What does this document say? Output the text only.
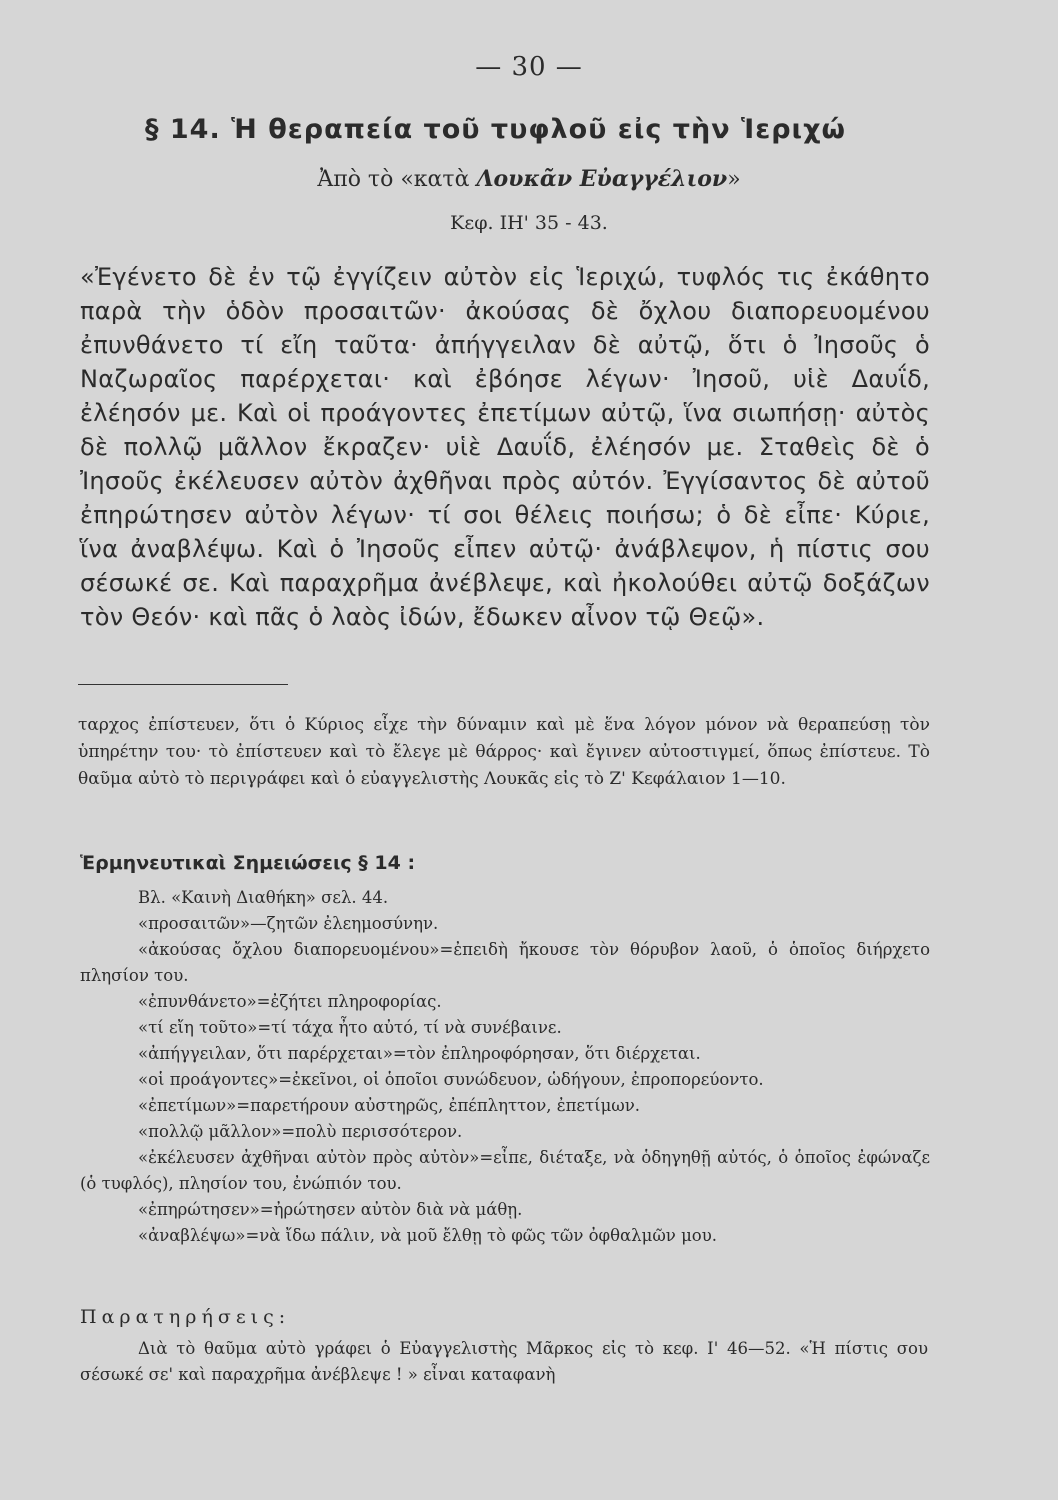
— 30 —
§ 14. Ἡ θεραπεία τοῦ τυφλοῦ εἰς τὴν Ἱεριχώ
Ἀπὸ τὸ «κατὰ Λουκᾶν Εὐαγγέλιον»
Κεφ. ΙΗ' 35 - 43.

«Ἐγένετο δὲ ἐν τῷ ἐγγίζειν αὐτὸν εἰς Ἱεριχώ, τυφλός τις ἐκάθητο παρὰ τὴν ὁδὸν προσαιτῶν· ἀκούσας δὲ ὄχλου διαπορευομένου ἐπυνθάνετο τί εἴη ταῦτα· ἀπήγγειλαν δὲ αὐτῷ, ὅτι ὁ Ἰησοῦς ὁ Ναζωραῖος παρέρχεται· καὶ ἐβόησε λέγων· Ἰησοῦ, υἱὲ Δαυΐδ, ἐλέησόν με. Καὶ οἱ προάγοντες ἐπετίμων αὐτῷ, ἵνα σιωπήσῃ· αὐτὸς δὲ πολλῷ μᾶλλον ἔκραζεν· υἱὲ Δαυΐδ, ἐλέησόν με. Σταθεὶς δὲ ὁ Ἰησοῦς ἐκέλευσεν αὐτὸν ἀχθῆναι πρὸς αὐτόν. Ἐγγίσαντος δὲ αὐτοῦ ἐπηρώτησεν αὐτὸν λέγων· τί σοι θέλεις ποιήσω; ὁ δὲ εἶπε· Κύριε, ἵνα ἀναβλέψω. Καὶ ὁ Ἰησοῦς εἶπεν αὐτῷ· ἀνάβλεψον, ἡ πίστις σου σέσωκέ σε. Καὶ παραχρῆμα ἀνέβλεψε, καὶ ἠκολούθει αὐτῷ δοξάζων τὸν Θεόν· καὶ πᾶς ὁ λαὸς ἰδών, ἔδωκεν αἶνον τῷ Θεῷ».

ταρχος ἐπίστευεν, ὅτι ὁ Κύριος εἶχε τὴν δύναμιν καὶ μὲ ἕνα λόγον μόνον νὰ θεραπεύσῃ τὸν ὑπηρέτην του· τὸ ἐπίστευεν καὶ τὸ ἔλεγε μὲ θάρρος· καὶ ἔγινεν αὐτοστιγμεί, ὅπως ἐπίστευε. Τὸ θαῦμα αὐτὸ τὸ περιγράφει καὶ ὁ εὐαγγελιστὴς Λουκᾶς εἰς τὸ Ζ' Κεφάλαιον 1—10.

Ἑρμηνευτικαὶ Σημειώσεις § 14 :
Βλ. «Καινὴ Διαθήκη» σελ. 44.
«προσαιτῶν»—ζητῶν ἐλεημοσύνην.
«ἀκούσας ὄχλου διαπορευομένου»=ἐπειδὴ ἤκουσε τὸν θόρυβον λαοῦ, ὁ ὁποῖος διήρχετο πλησίον του.
«ἐπυνθάνετο»=ἐζήτει πληροφορίας.
«τί εἴη τοῦτο»=τί τάχα ἦτο αὐτό, τί νὰ συνέβαινε.
«ἀπήγγειλαν, ὅτι παρέρχεται»=τὸν ἐπληροφόρησαν, ὅτι διέρχεται.
«οἱ προάγοντες»=ἐκεῖνοι, οἱ ὁποῖοι συνώδευον, ὡδήγουν, ἐπροπορεύοντο.
«ἐπετίμων»=παρετήρουν αὐστηρῶς, ἐπέπληττον, ἐπετίμων.
«πολλῷ μᾶλλον»=πολὺ περισσότερον.
«ἐκέλευσεν ἀχθῆναι αὐτὸν πρὸς αὐτὸν»=εἶπε, διέταξε, νὰ ὁδηγηθῇ αὐτός, ὁ ὁποῖος ἐφώναζε (ὁ τυφλός), πλησίον του, ἐνώπιόν του.
«ἐπηρώτησεν»=ἠρώτησεν αὐτὸν διὰ νὰ μάθῃ.
«ἀναβλέψω»=νὰ ἴδω πάλιν, νὰ μοῦ ἔλθῃ τὸ φῶς τῶν ὀφθαλμῶν μου.
Παρατηρήσεις:

Διὰ τὸ θαῦμα αὐτὸ γράφει ὁ Εὐαγγελιστὴς Μᾶρκος εἰς τὸ κεφ. Ι' 46—52. «Ἡ πίστις σου σέσωκέ σε' καὶ παραχρῆμα ἀνέβλεψε ! » εἶναι καταφανὴ
